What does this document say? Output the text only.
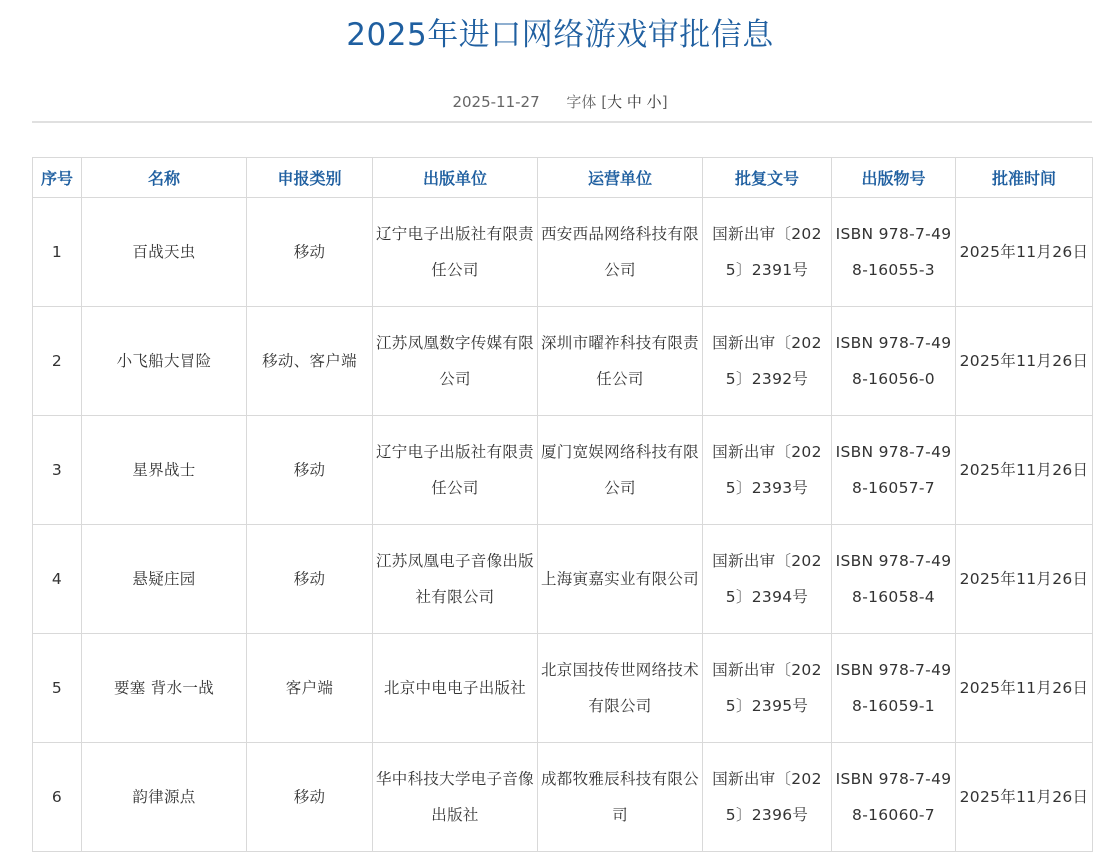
2025年进口网络游戏审批信息
2025-11-27 字体 [大 中 小]
序号	名称	申报类别	出版单位	运营单位	批复文号	出版物号	批准时间
1	百战天虫	移动	辽宁电子出版社有限责任公司	西安西品网络科技有限公司	国新出审〔2025〕2391号	ISBN 978-7-498-16055-3	2025年11月26日
2	小飞船大冒险	移动、客户端	江苏凤凰数字传媒有限公司	深圳市曜祚科技有限责任公司	国新出审〔2025〕2392号	ISBN 978-7-498-16056-0	2025年11月26日
3	星界战士	移动	辽宁电子出版社有限责任公司	厦门宽娱网络科技有限公司	国新出审〔2025〕2393号	ISBN 978-7-498-16057-7	2025年11月26日
4	悬疑庄园	移动	江苏凤凰电子音像出版社有限公司	上海寅嘉实业有限公司	国新出审〔2025〕2394号	ISBN 978-7-498-16058-4	2025年11月26日
5	要塞 背水一战	客户端	北京中电电子出版社	北京国技传世网络技术有限公司	国新出审〔2025〕2395号	ISBN 978-7-498-16059-1	2025年11月26日
6	韵律源点	移动	华中科技大学电子音像出版社	成都牧雅辰科技有限公司	国新出审〔2025〕2396号	ISBN 978-7-498-16060-7	2025年11月26日
